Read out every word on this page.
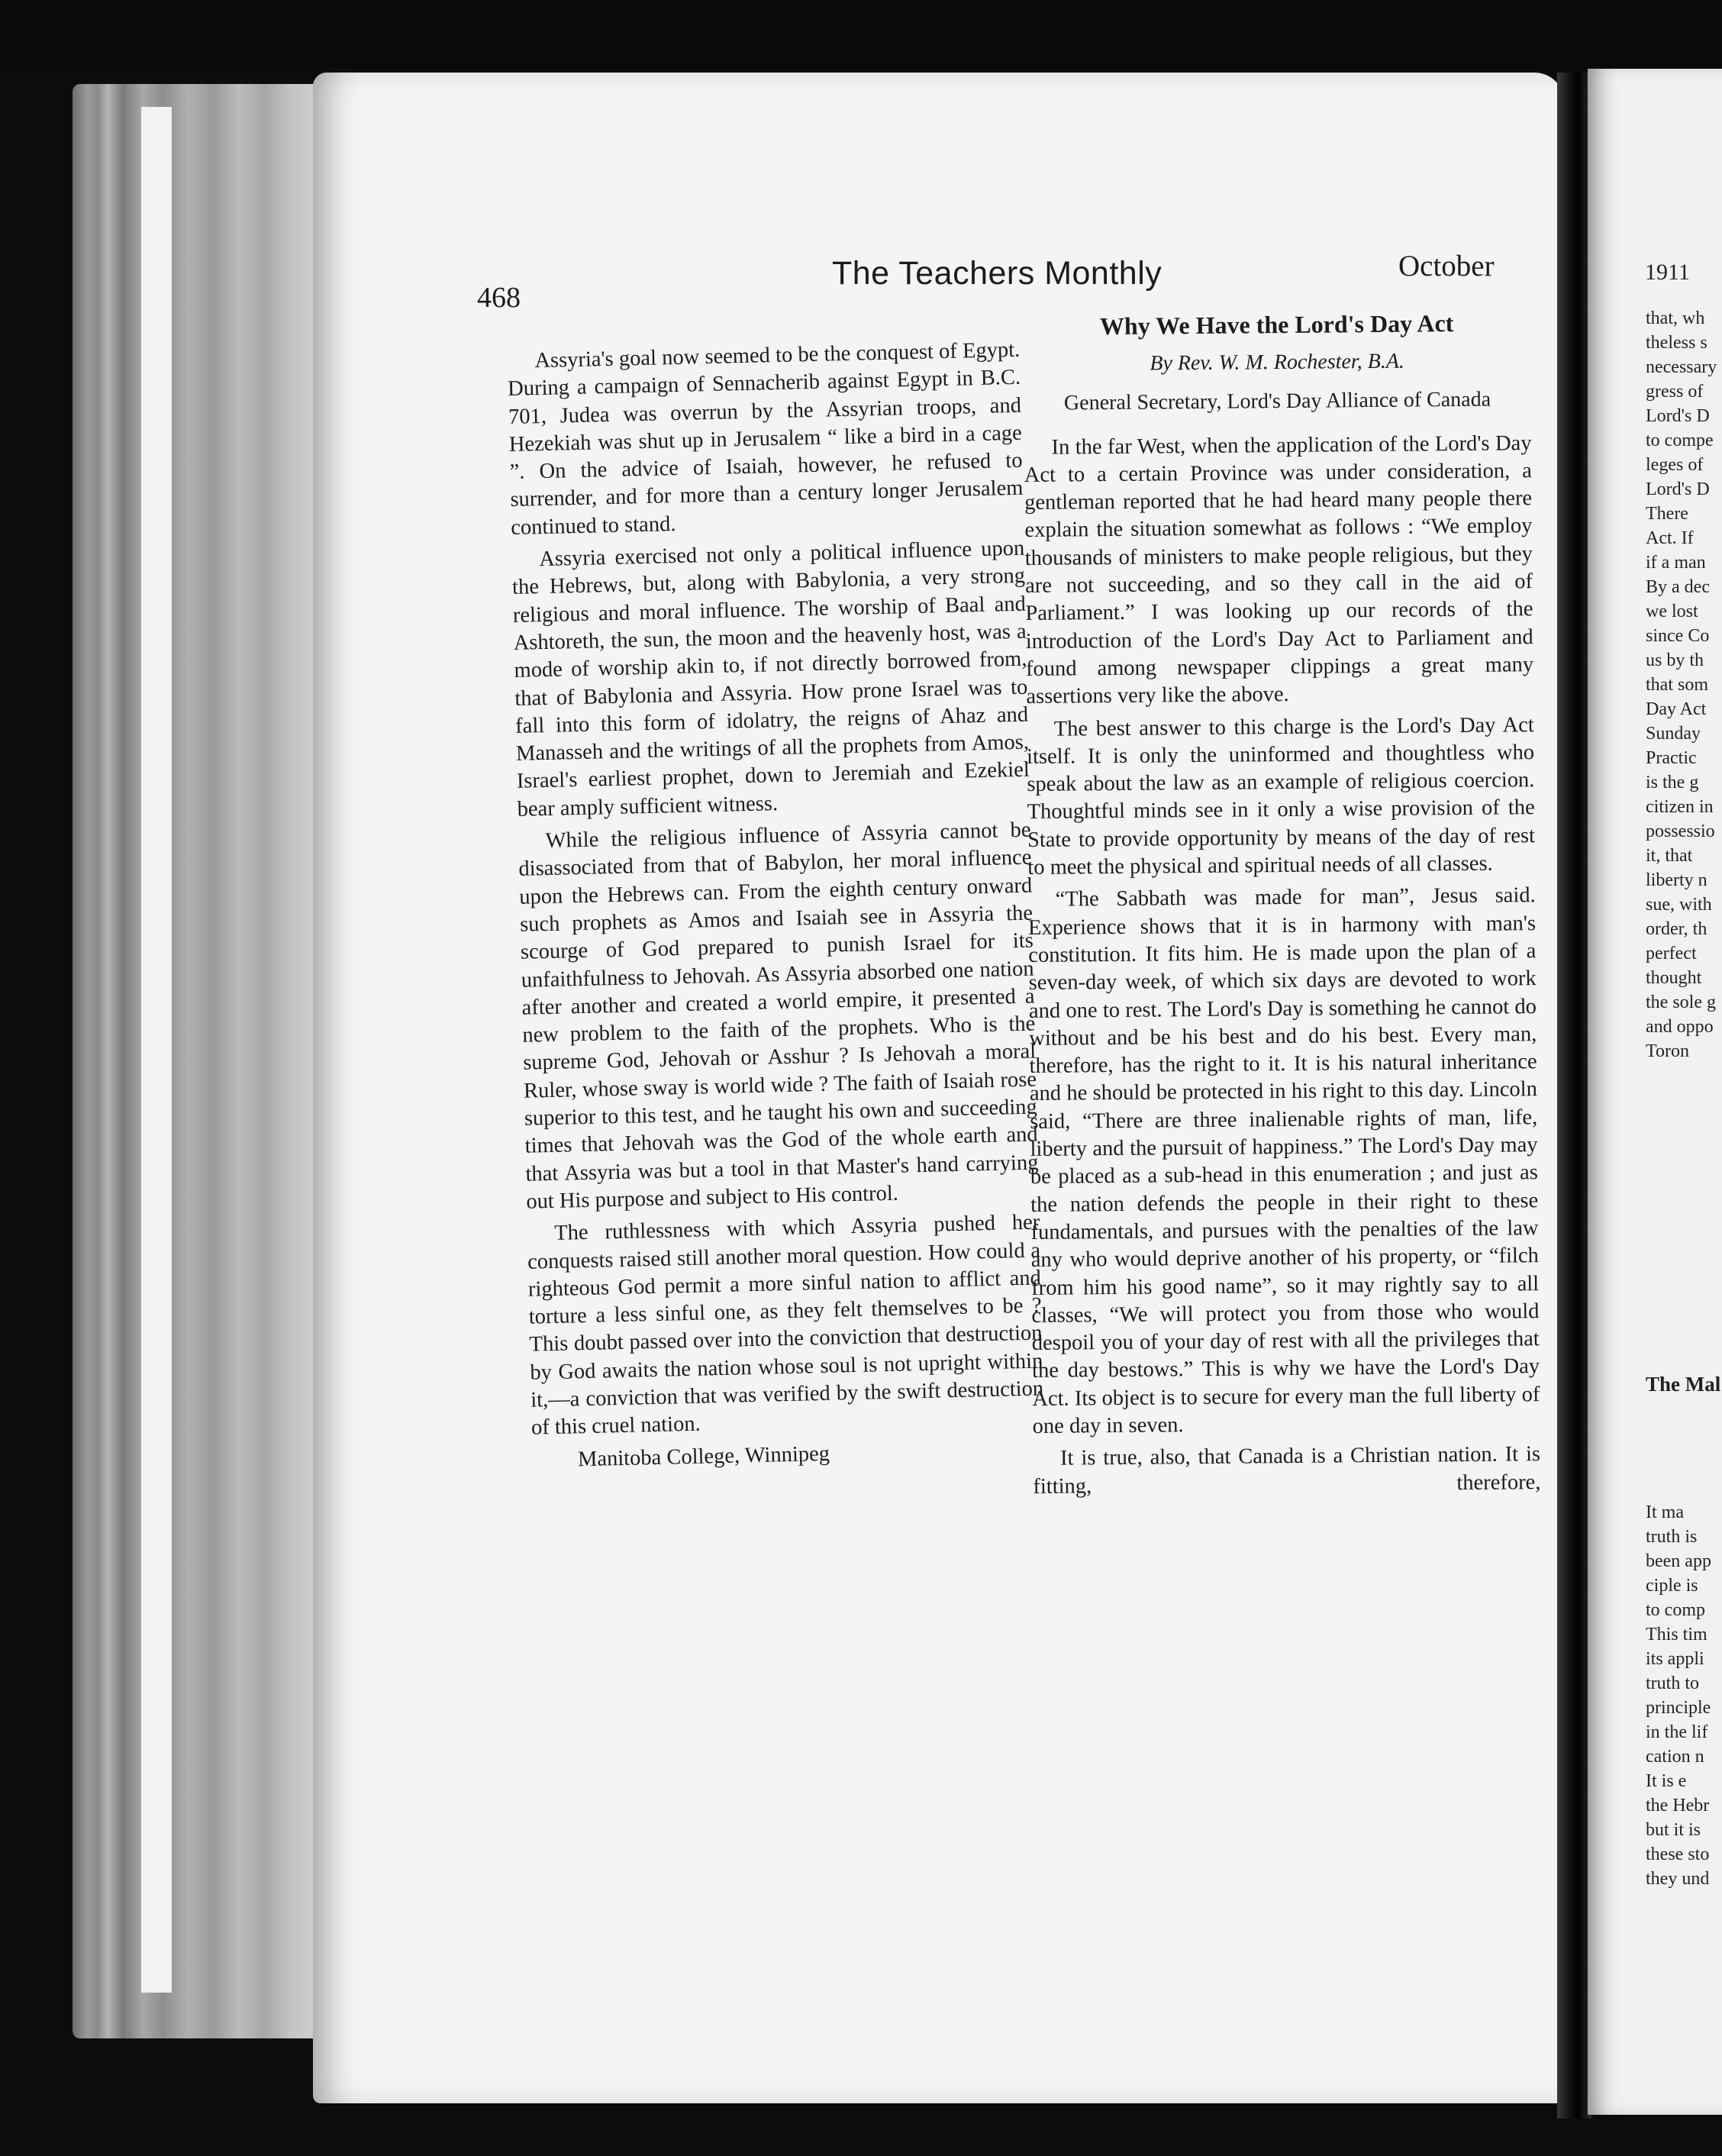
1911
that, wh
theless s
necessary
gress of
Lord's D
to compe
leges of
Lord's D
There
Act. If
if a man
By a dec
we lost
since Co
us by th
that som
Day Act
Sunday
Practic
is the g
citizen in
possessio
it, that
liberty n
sue, with
order, th
perfect
thought
the sole g
and oppo
Toron
The Mal
It ma
truth is
been app
ciple is
to comp
This tim
its appli
truth to
principle
in the lif
cation n
It is e
the Hebr
but it is
these sto
they und
468
The Teachers Monthly	October

Assyria's goal now seemed to be the conquest of Egypt. During a campaign of Sennacherib against Egypt in B.C. 701, Judea was overrun by the Assyrian troops, and Hezekiah was shut up in Jerusalem “ like a bird in a cage ”. On the advice of Isaiah, however, he refused to surrender, and for more than a century longer Jerusalem continued to stand.

Assyria exercised not only a political influence upon the Hebrews, but, along with Babylonia, a very strong religious and moral influence. The worship of Baal and Ashtoreth, the sun, the moon and the heavenly host, was a mode of worship akin to, if not directly borrowed from, that of Babylonia and Assyria. How prone Israel was to fall into this form of idolatry, the reigns of Ahaz and Manasseh and the writings of all the prophets from Amos, Israel's earliest prophet, down to Jeremiah and Ezekiel bear amply sufficient witness.

While the religious influence of Assyria cannot be disassociated from that of Babylon, her moral influence upon the Hebrews can. From the eighth century onward such prophets as Amos and Isaiah see in Assyria the scourge of God prepared to punish Israel for its unfaithfulness to Jehovah. As Assyria absorbed one nation after another and created a world empire, it presented a new problem to the faith of the prophets. Who is the supreme God, Jehovah or Asshur ? Is Jehovah a moral Ruler, whose sway is world wide ? The faith of Isaiah rose superior to this test, and he taught his own and succeeding times that Jehovah was the God of the whole earth and that Assyria was but a tool in that Master's hand carrying out His purpose and subject to His control.

The ruthlessness with which Assyria pushed her conquests raised still another moral question. How could a righteous God permit a more sinful nation to afflict and torture a less sinful one, as they felt themselves to be ? This doubt passed over into the conviction that destruction by God awaits the nation whose soul is not upright within it,—a conviction that was verified by the swift destruction of this cruel nation.

Manitoba College, Winnipeg

Why We Have the Lord's Day Act
By Rev. W. M. Rochester, B.A.
General Secretary, Lord's Day Alliance of Canada

In the far West, when the application of the Lord's Day Act to a certain Province was under consideration, a gentleman reported that he had heard many people there explain the situation somewhat as follows : “We employ thousands of ministers to make people religious, but they are not succeeding, and so they call in the aid of Parliament.” I was looking up our records of the introduction of the Lord's Day Act to Parliament and found among newspaper clippings a great many assertions very like the above.

The best answer to this charge is the Lord's Day Act itself. It is only the uninformed and thoughtless who speak about the law as an example of religious coercion. Thoughtful minds see in it only a wise provision of the State to provide opportunity by means of the day of rest to meet the physical and spiritual needs of all classes.

“The Sabbath was made for man”, Jesus said. Experience shows that it is in harmony with man's constitution. It fits him. He is made upon the plan of a seven-day week, of which six days are devoted to work and one to rest. The Lord's Day is something he cannot do without and be his best and do his best. Every man, therefore, has the right to it. It is his natural inheritance and he should be protected in his right to this day. Lincoln said, “There are three inalienable rights of man, life, liberty and the pursuit of happiness.” The Lord's Day may be placed as a sub-head in this enumeration ; and just as the nation defends the people in their right to these fundamentals, and pursues with the penalties of the law any who would deprive another of his property, or “filch from him his good name”, so it may rightly say to all classes, “We will protect you from those who would despoil you of your day of rest with all the privileges that the day bestows.” This is why we have the Lord's Day Act. Its object is to secure for every man the full liberty of one day in seven.

It is true, also, that Canada is a Christian nation. It is fitting, therefore,
